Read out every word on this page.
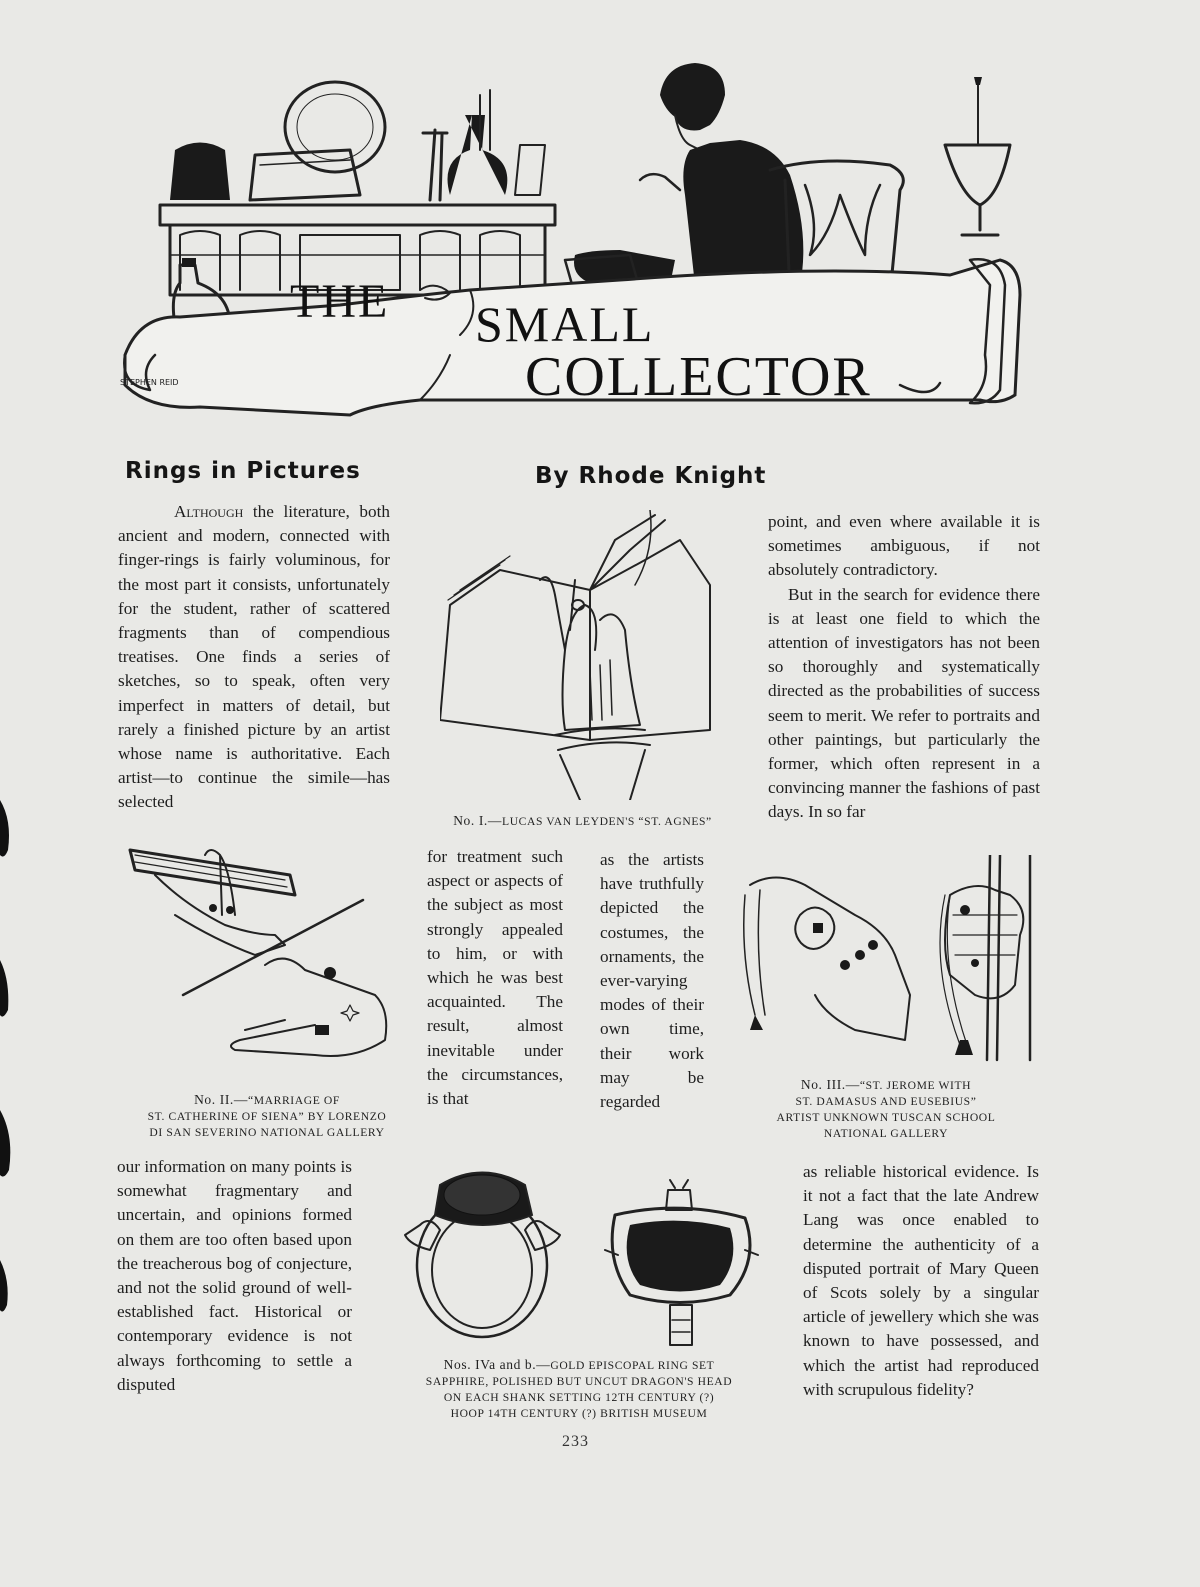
THE SMALL
COLLECTOR
STEPHEN REID
Rings in Pictures	By Rhode Knight

Although the literature, both ancient and modern, connected with finger-rings is fairly voluminous, for the most part it consists, unfortunately for the student, rather of scattered fragments than of compendious treatises. One finds a series of sketches, so to speak, often very imperfect in matters of detail, but rarely a finished picture by an artist whose name is authoritative. Each artist—to continue the simile—has selected

No. I.—LUCAS VAN LEYDEN'S “ST. AGNES”

point, and even where available it is sometimes ambiguous, if not absolutely contradictory.

But in the search for evidence there is at least one field to which the attention of investigators has not been so thoroughly and systematically directed as the probabilities of success seem to merit. We refer to portraits and other paintings, but particularly the former, which often represent in a convincing manner the fashions of past days. In so far

No. II.—“MARRIAGE OF
ST. CATHERINE OF SIENA” BY LORENZO
DI SAN SEVERINO NATIONAL GALLERY

for treatment such aspect or aspects of the subject as most strongly appealed to him, or with which he was best acquainted. The result, almost inevitable under the circumstances, is that

as the artists have truthfully depicted the costumes, the ornaments, the ever-varying modes of their own time, their work may be regarded

No. III.—“ST. JEROME WITH
ST. DAMASUS AND EUSEBIUS”
ARTIST UNKNOWN TUSCAN SCHOOL
NATIONAL GALLERY

our information on many points is somewhat fragmentary and uncertain, and opinions formed on them are too often based upon the treacherous bog of conjecture, and not the solid ground of well-established fact. Historical or contemporary evidence is not always forthcoming to settle a disputed

Nos. IVa and b.—GOLD EPISCOPAL RING SET
SAPPHIRE, POLISHED BUT UNCUT DRAGON'S HEAD
ON EACH SHANK SETTING 12TH CENTURY (?)
HOOP 14TH CENTURY (?) BRITISH MUSEUM

as reliable historical evidence. Is it not a fact that the late Andrew Lang was once enabled to determine the authenticity of a disputed portrait of Mary Queen of Scots solely by a singular article of jewellery which she was known to have possessed, and which the artist had reproduced with scrupulous fidelity?

233
